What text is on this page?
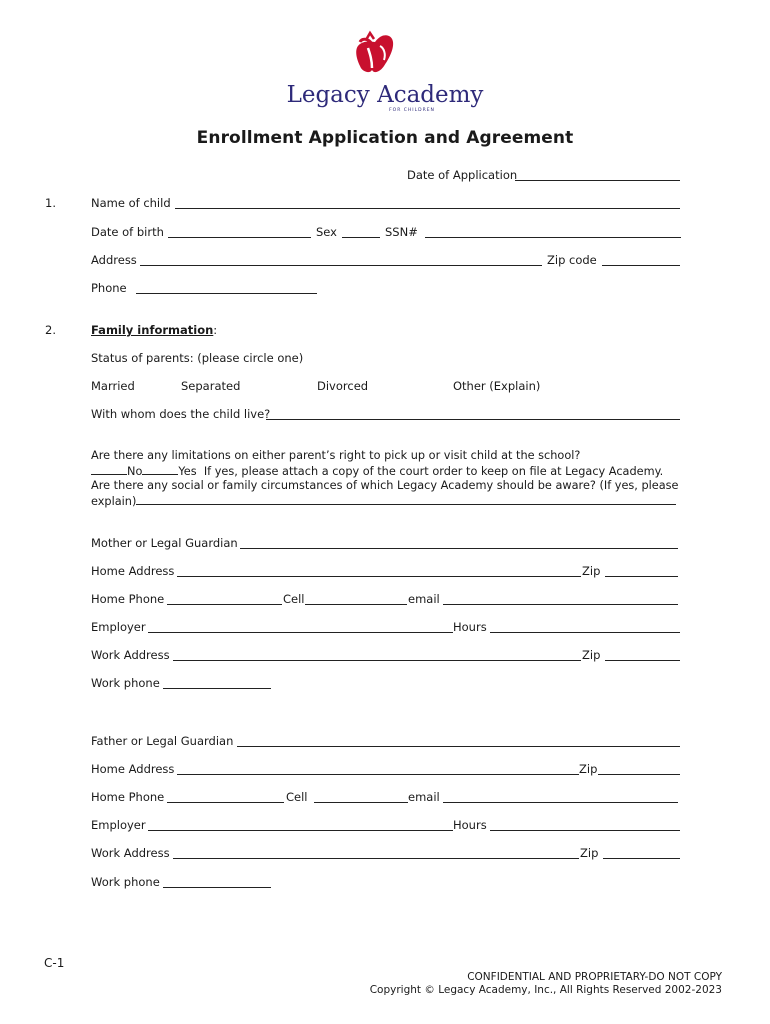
Legacy Academy
FOR CHILDREN
Enrollment Application and Agreement
Date of Application
1.	Name of child
Date of birth	Sex	SSN#
Address	Zip code
Phone
2.	Family information:
Status of parents: (please circle one)
Married	Separated	Divorced	Other (Explain)
With whom does the child live?
Are there any limitations on either parent’s right to pick up or visit child at the school?
No	Yes If yes, please attach a copy of the court order to keep on file at Legacy Academy.
Are there any social or family circumstances of which Legacy Academy should be aware? (If yes, please
explain)
Mother or Legal Guardian
Home Address	Zip
Home Phone	Cell	email
Employer	Hours
Work Address	Zip
Work phone
Father or Legal Guardian
Home Address	Zip
Home Phone	Cell	email
Employer	Hours
Work Address	Zip
Work phone
C-1
CONFIDENTIAL AND PROPRIETARY-DO NOT COPY
Copyright © Legacy Academy, Inc., All Rights Reserved 2002-2023
